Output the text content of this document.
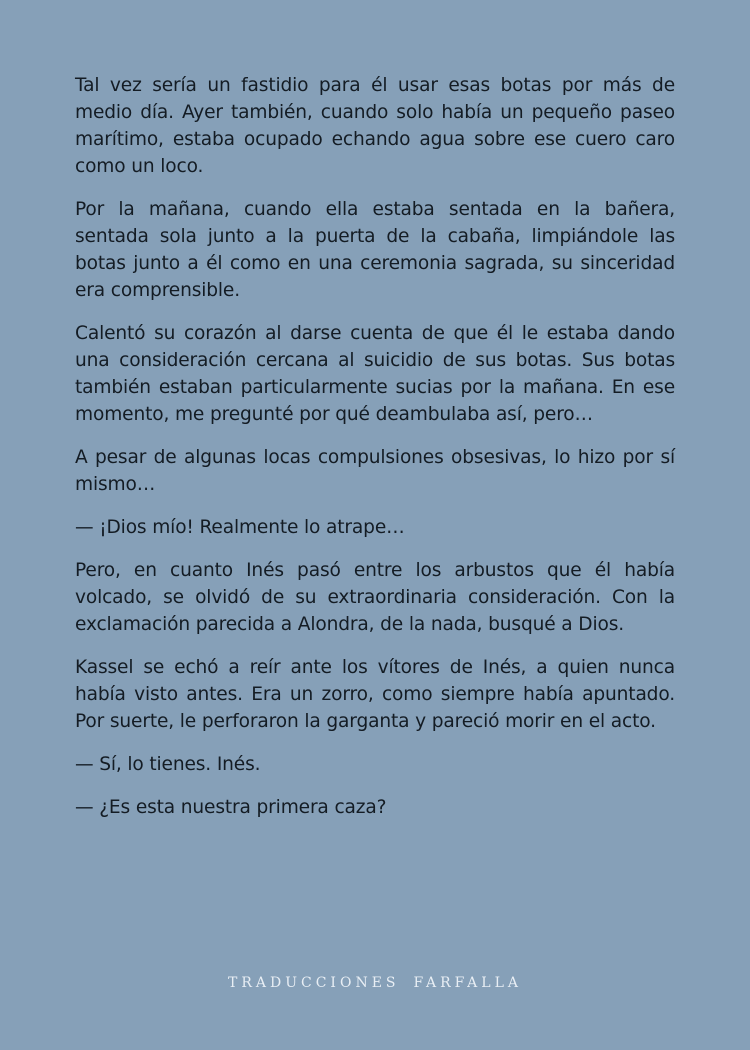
Tal vez sería un fastidio para él usar esas botas por más de medio día. Ayer también, cuando solo había un pequeño paseo marítimo, estaba ocupado echando agua sobre ese cuero caro como un loco.

Por la mañana, cuando ella estaba sentada en la bañera, sentada sola junto a la puerta de la cabaña, limpiándole las botas junto a él como en una ceremonia sagrada, su sinceridad era comprensible.

Calentó su corazón al darse cuenta de que él le estaba dando una consideración cercana al suicidio de sus botas. Sus botas también estaban particularmente sucias por la mañana. En ese momento, me pregunté por qué deambulaba así, pero…

A pesar de algunas locas compulsiones obsesivas, lo hizo por sí mismo…

— ¡Dios mío! Realmente lo atrape…

Pero, en cuanto Inés pasó entre los arbustos que él había volcado, se olvidó de su extraordinaria consideración. Con la exclamación parecida a Alondra, de la nada, busqué a Dios.

Kassel se echó a reír ante los vítores de Inés, a quien nunca había visto antes. Era un zorro, como siempre había apuntado. Por suerte, le perforaron la garganta y pareció morir en el acto.

— Sí, lo tienes. Inés.

— ¿Es esta nuestra primera caza?

TRADUCCIONES FARFALLA
